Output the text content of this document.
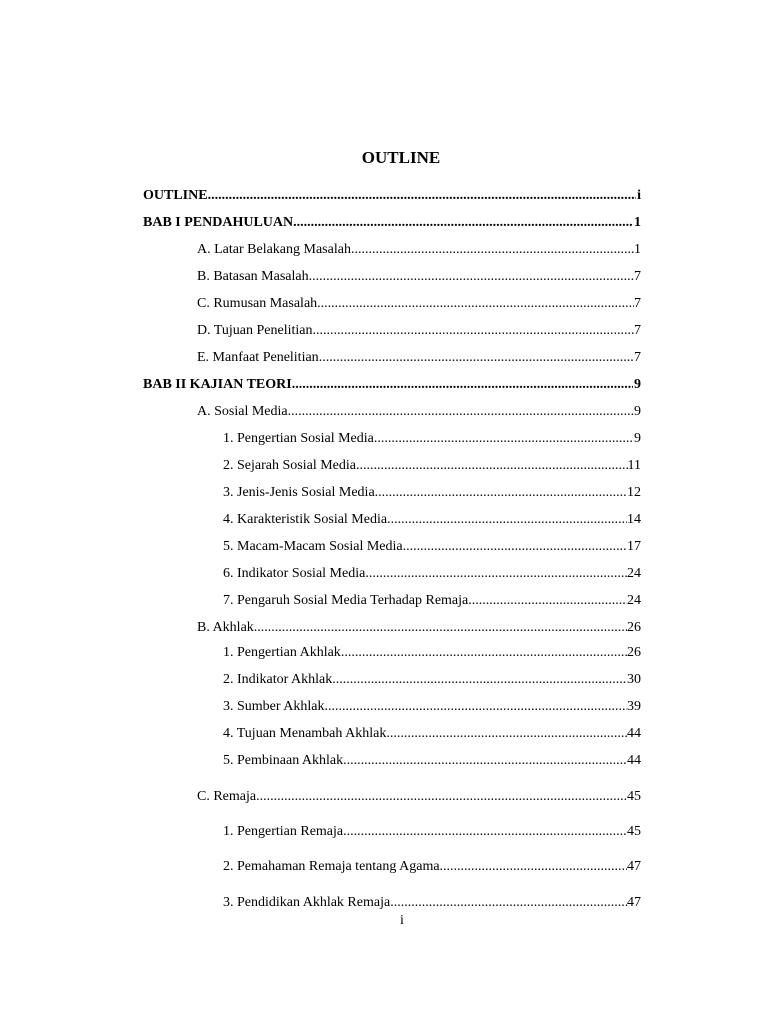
OUTLINE
OUTLINE .....	i
BAB I PENDAHULUAN .....	1
A. Latar Belakang Masalah .....	1
B. Batasan Masalah .....	7
C. Rumusan Masalah .....	7
D. Tujuan Penelitian .....	7
E. Manfaat Penelitian .....	7
BAB II KAJIAN TEORI .....	9
A. Sosial Media .....	9
1. Pengertian Sosial Media .....	9
2. Sejarah Sosial Media .....	11
3. Jenis-Jenis Sosial Media .....	12
4. Karakteristik Sosial Media .....	14
5. Macam-Macam Sosial Media .....	17
6. Indikator Sosial Media .....	24
7. Pengaruh Sosial Media Terhadap Remaja .....	24
B. Akhlak .....	26
1. Pengertian Akhlak .....	26
2. Indikator Akhlak .....	30
3. Sumber Akhlak .....	39
4. Tujuan Menambah Akhlak .....	44
5. Pembinaan Akhlak .....	44
C. Remaja .....	45
1. Pengertian Remaja .....	45
2. Pemahaman Remaja tentang Agama .....	47
3. Pendidikan Akhlak Remaja .....	47
i
